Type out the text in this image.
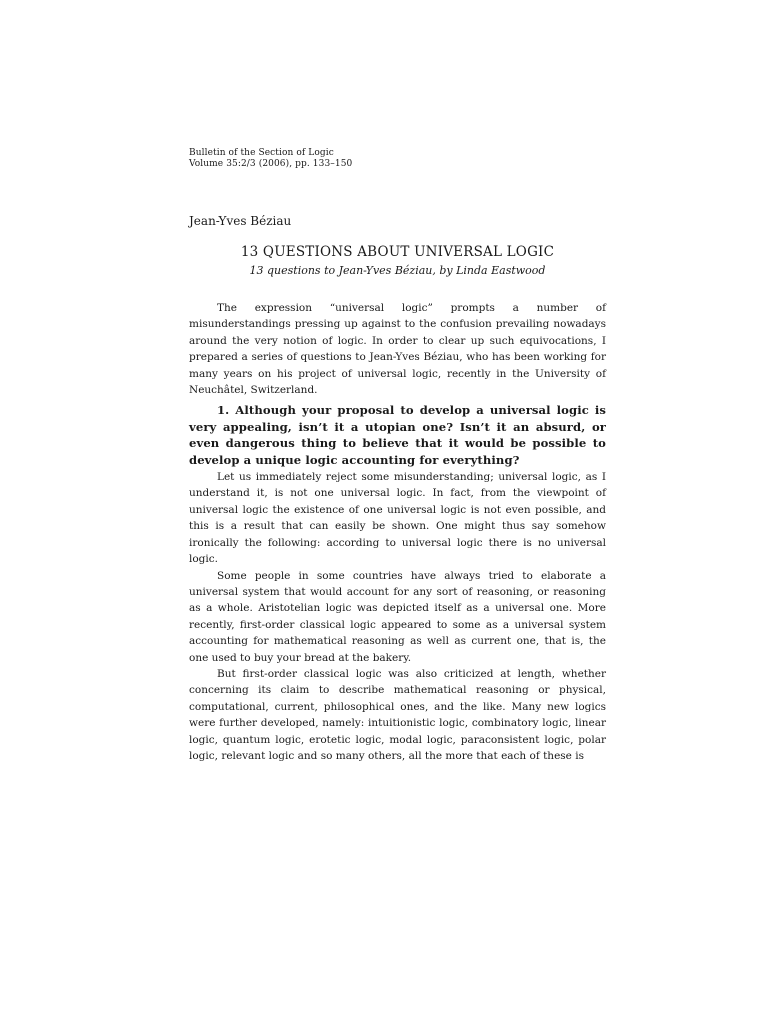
Bulletin of the Section of Logic
Volume 35:2/3 (2006), pp. 133–150
Jean-Yves Béziau
13 QUESTIONS ABOUT UNIVERSAL LOGIC
13 questions to Jean-Yves Béziau, by Linda Eastwood

The expression “universal logic” prompts a number of misunderstandings pressing up against to the confusion prevailing nowadays around the very notion of logic. In order to clear up such equivocations, I prepared a series of questions to Jean-Yves Béziau, who has been working for many years on his project of universal logic, recently in the University of Neuchâtel, Switzerland.

1. Although your proposal to develop a universal logic is very appealing, isn’t it a utopian one? Isn’t it an absurd, or even dangerous thing to believe that it would be possible to develop a unique logic accounting for everything?

Let us immediately reject some misunderstanding; universal logic, as I understand it, is not one universal logic. In fact, from the viewpoint of universal logic the existence of one universal logic is not even possible, and this is a result that can easily be shown. One might thus say somehow ironically the following: according to universal logic there is no universal logic.

Some people in some countries have always tried to elaborate a universal system that would account for any sort of reasoning, or reasoning as a whole. Aristotelian logic was depicted itself as a universal one. More recently, first-order classical logic appeared to some as a universal system accounting for mathematical reasoning as well as current one, that is, the one used to buy your bread at the bakery.

But first-order classical logic was also criticized at length, whether concerning its claim to describe mathematical reasoning or physical, computational, current, philosophical ones, and the like. Many new logics were further developed, namely: intuitionistic logic, combinatory logic, linear logic, quantum logic, erotetic logic, modal logic, paraconsistent logic, polar logic, relevant logic and so many others, all the more that each of these is
